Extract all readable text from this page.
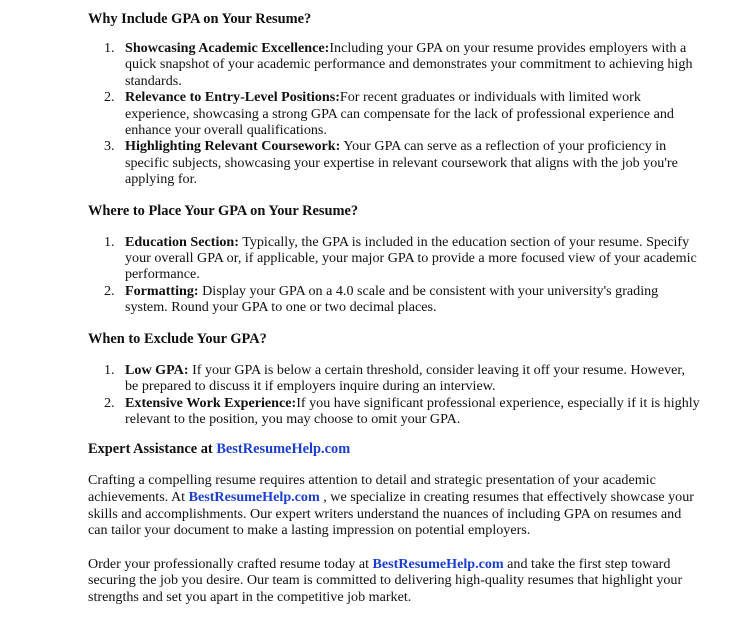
Why Include GPA on Your Resume?
1. Showcasing Academic Excellence:Including your GPA on your resume provides employers with a quick snapshot of your academic performance and demonstrates your commitment to achieving high standards.
2. Relevance to Entry-Level Positions:For recent graduates or individuals with limited work experience, showcasing a strong GPA can compensate for the lack of professional experience and enhance your overall qualifications.
3. Highlighting Relevant Coursework: Your GPA can serve as a reflection of your proficiency in specific subjects, showcasing your expertise in relevant coursework that aligns with the job you're applying for.
Where to Place Your GPA on Your Resume?
1. Education Section: Typically, the GPA is included in the education section of your resume. Specify your overall GPA or, if applicable, your major GPA to provide a more focused view of your academic performance.
2. Formatting: Display your GPA on a 4.0 scale and be consistent with your university's grading system. Round your GPA to one or two decimal places.
When to Exclude Your GPA?
1. Low GPA: If your GPA is below a certain threshold, consider leaving it off your resume. However, be prepared to discuss it if employers inquire during an interview.
2. Extensive Work Experience:If you have significant professional experience, especially if it is highly relevant to the position, you may choose to omit your GPA.
Expert Assistance at BestResumeHelp.com

Crafting a compelling resume requires attention to detail and strategic presentation of your academic achievements. At BestResumeHelp.com , we specialize in creating resumes that effectively showcase your skills and accomplishments. Our expert writers understand the nuances of including GPA on resumes and can tailor your document to make a lasting impression on potential employers.

Order your professionally crafted resume today at BestResumeHelp.com and take the first step toward securing the job you desire. Our team is committed to delivering high-quality resumes that highlight your strengths and set you apart in the competitive job market.
